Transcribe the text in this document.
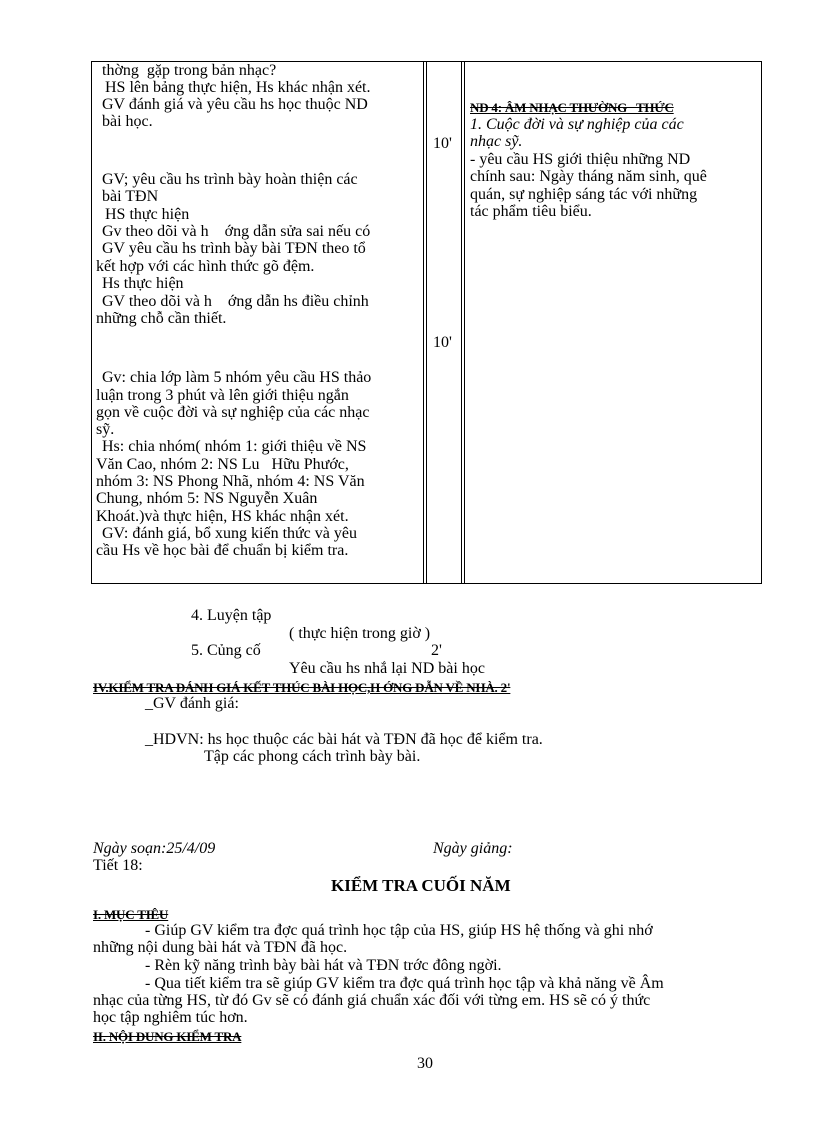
thờng  gặp trong bản nhạc?
HS lên bảng thực hiện, Hs khác nhận xét.
GV đánh giá và yêu cầu hs học thuộc ND
bài học.
GV; yêu cầu hs trình bày hoàn thiện các
bài TĐN
HS thực hiện
Gv theo dõi và h    ớng dẫn sửa sai nếu có
GV yêu cầu hs trình bày bài TĐN theo tổ
kết hợp với các hình thức gõ đệm.
Hs thực hiện
GV theo dõi và h    ớng dẫn hs điều chỉnh
những chỗ cần thiết.
Gv: chia lớp làm 5 nhóm yêu cầu HS thảo
luận trong 3 phút và lên giới thiệu ngắn
gọn về cuộc đời và sự nghiệp của các nhạc
sỹ.
Hs: chia nhóm( nhóm 1: giới thiệu về NS
Văn Cao, nhóm 2: NS Lu   Hữu Phước,
nhóm 3: NS Phong Nhã, nhóm 4: NS Văn
Chung, nhóm 5: NS Nguyễn Xuân
Khoát.)và thực hiện, HS khác nhận xét.
GV: đánh giá, bổ xung kiến thức và yêu
cầu Hs về học bài để chuẩn bị kiểm tra.
10'
10'
ND 4: ÂM NHẠC THƯỜNG   THỨC
1. Cuộc đời và sự nghiệp của các
nhạc sỹ.
- yêu cầu HS giới thiệu những ND
chính sau: Ngày tháng năm sinh, quê
quán, sự nghiệp sáng tác với những
tác phẩm tiêu biểu.
4. Luyện tập
( thực hiện trong giờ )
5. Củng cố	2'
Yêu cầu hs nhắ lại ND bài học
IV.KIỂM TRA ĐÁNH GIÁ KẾT THÚC BÀI HỌC,H ỚNG DẪN VỀ NHÀ. 2'
_GV đánh giá:
_HDVN: hs học thuộc các bài hát và TĐN đã học để kiểm tra.
Tập các phong cách trình bày bài.
Ngày soạn:25/4/09	Ngày giảng:
Tiết 18:
KIỂM TRA CUỐI NĂM
I. MỤC TIÊU
- Giúp GV kiểm tra đợc quá trình học tập của HS, giúp HS hệ thống và ghi nhớ
những nội dung bài hát và TĐN đã học.
- Rèn kỹ năng trình bày bài hát và TĐN trớc đông ngời.
- Qua tiết kiểm tra sẽ giúp GV kiểm tra đợc quá trình học tập và khả năng về Âm
nhạc của từng HS, từ đó Gv sẽ có đánh giá chuẩn xác đối với từng em. HS sẽ có ý thức
học tập nghiêm túc hơn.
II. NỘI DUNG KIỂM TRA
30
